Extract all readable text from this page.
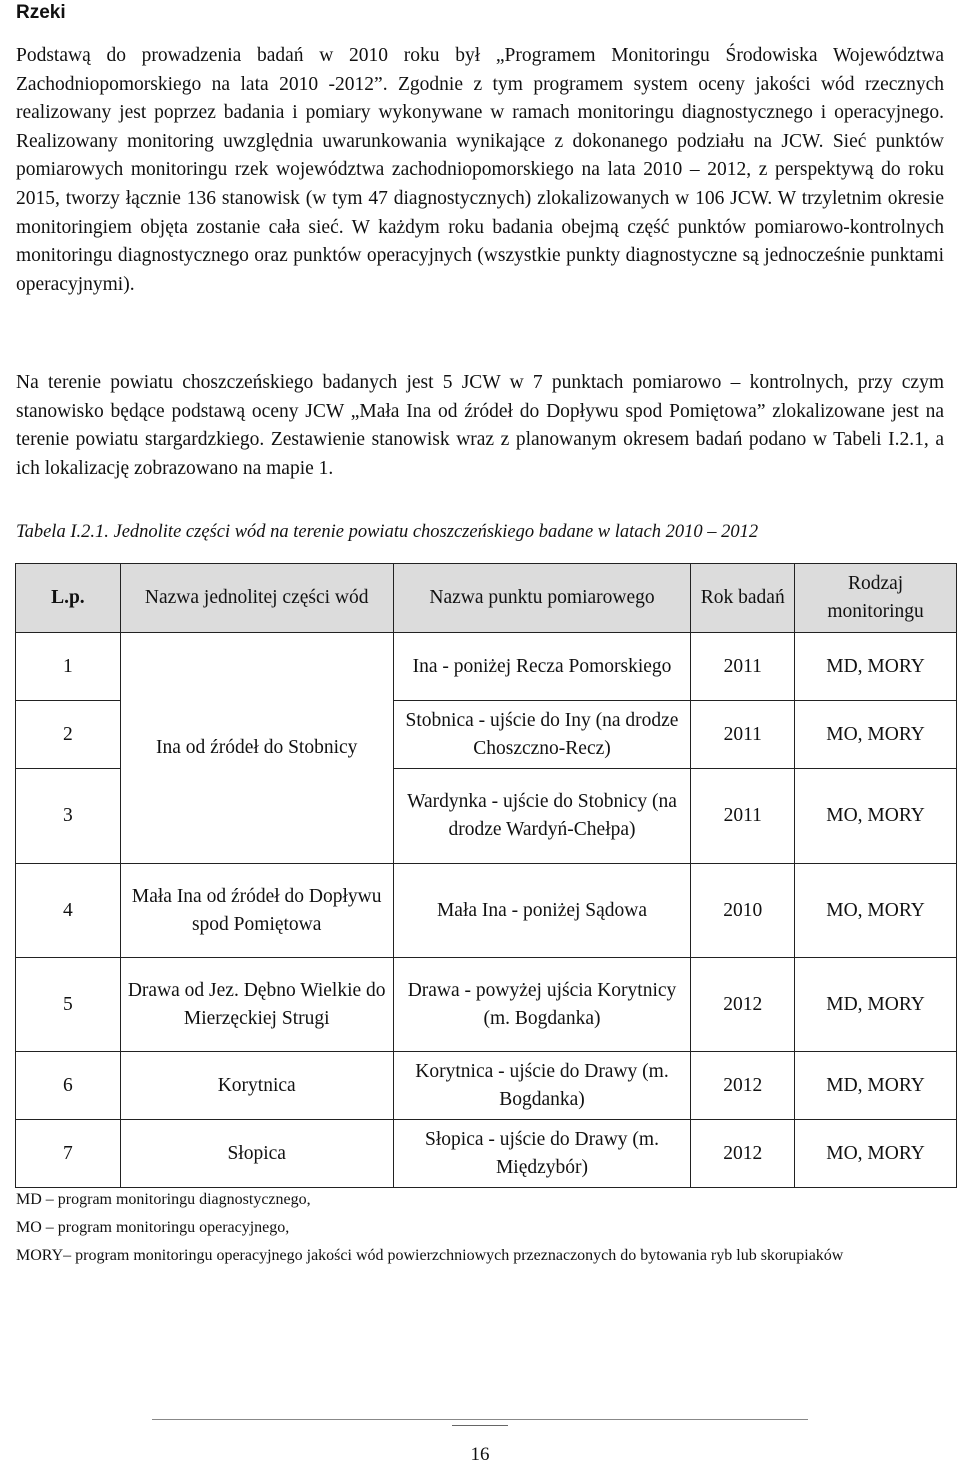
Rzeki

Podstawą do prowadzenia badań w 2010 roku był „Programem Monitoringu Środowiska Województwa Zachodniopomorskiego na lata 2010 -2012”. Zgodnie z tym programem system oceny jakości wód rzecznych realizowany jest poprzez badania i pomiary wykonywane w ramach monitoringu diagnostycznego i operacyjnego. Realizowany monitoring uwzględnia uwarunkowania wynikające z dokonanego podziału na JCW. Sieć punktów pomiarowych monitoringu rzek województwa zachodniopomorskiego na lata 2010 – 2012, z perspektywą do roku 2015, tworzy łącznie 136 stanowisk (w tym 47 diagnostycznych) zlokalizowanych w 106 JCW. W trzyletnim okresie monitoringiem objęta zostanie cała sieć. W każdym roku badania obejmą część punktów pomiarowo-kontrolnych monitoringu diagnostycznego oraz punktów operacyjnych (wszystkie punkty diagnostyczne są jednocześnie punktami operacyjnymi).

Na terenie powiatu choszczeńskiego badanych jest 5 JCW w 7 punktach pomiarowo – kontrolnych, przy czym stanowisko będące podstawą oceny JCW „Mała Ina od źródeł do Dopływu spod Pomiętowa” zlokalizowane jest na terenie powiatu stargardzkiego. Zestawienie stanowisk wraz z planowanym okresem badań podano w Tabeli I.2.1, a ich lokalizację zobrazowano na mapie 1.

Tabela I.2.1. Jednolite części wód na terenie powiatu choszczeńskiego badane w latach 2010 – 2012
L.p.	Nazwa jednolitej części wód	Nazwa punktu pomiarowego	Rok badań	Rodzaj monitoringu
1	Ina od źródeł do Stobnicy	Ina - poniżej Recza Pomorskiego	2011	MD, MORY
2		Stobnica - ujście do Iny (na drodze Choszczno-Recz)	2011	MO, MORY
3		Wardynka - ujście do Stobnicy (na drodze Wardyń-Chełpa)	2011	MO, MORY
4	Mała Ina od źródeł do Dopływu spod Pomiętowa	Mała Ina - poniżej Sądowa	2010	MO, MORY
5	Drawa od Jez. Dębno Wielkie do Mierzęckiej Strugi	Drawa - powyżej ujścia Korytnicy (m. Bogdanka)	2012	MD, MORY
6	Korytnica	Korytnica - ujście do Drawy (m. Bogdanka)	2012	MD, MORY
7	Słopica	Słopica - ujście do Drawy (m. Międzybór)	2012	MO, MORY
MD – program monitoringu diagnostycznego,
MO – program monitoringu operacyjnego,
MORY– program monitoringu operacyjnego jakości wód powierzchniowych przeznaczonych do bytowania ryb lub skorupiaków
16
